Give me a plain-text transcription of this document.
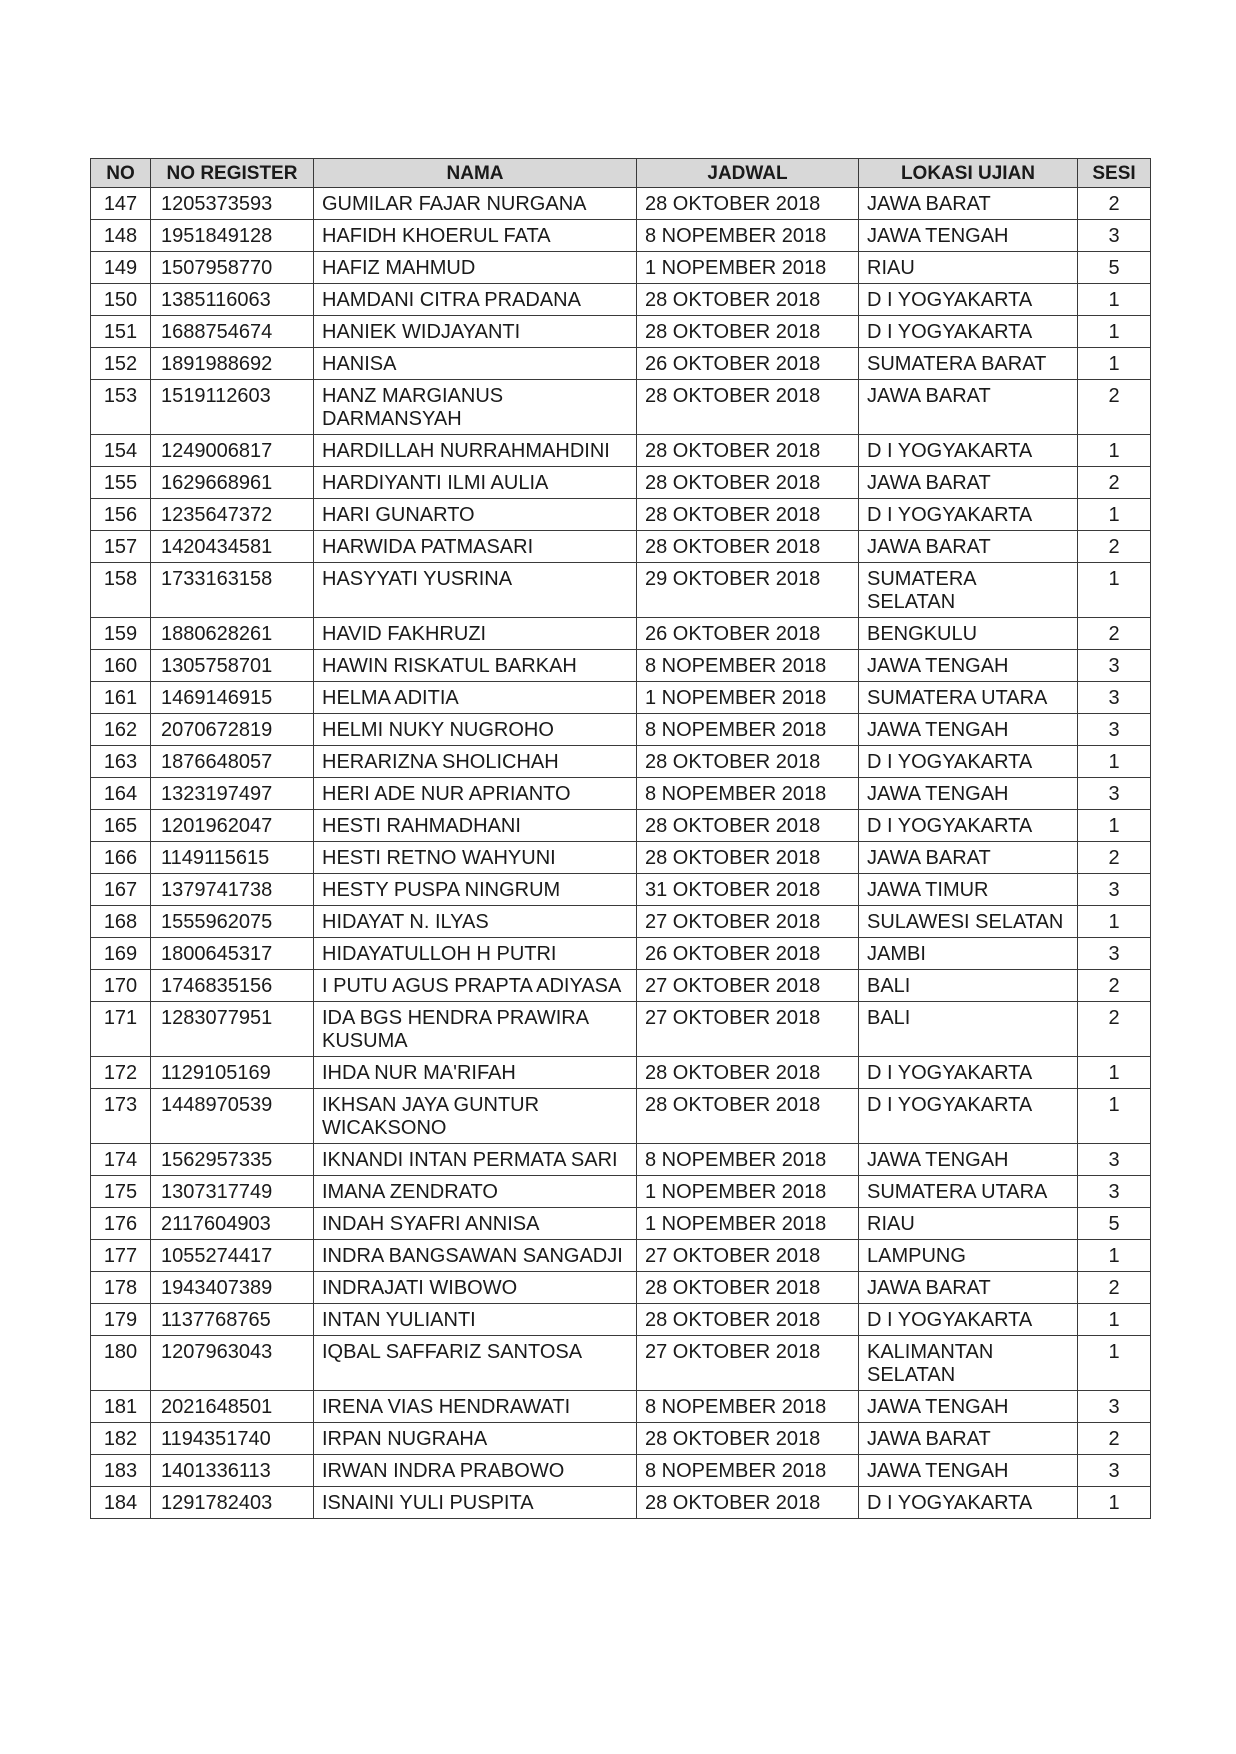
NO	NO REGISTER	NAMA	JADWAL	LOKASI UJIAN	SESI
147	1205373593	GUMILAR FAJAR NURGANA	28 OKTOBER 2018	JAWA BARAT	2
148	1951849128	HAFIDH KHOERUL FATA	8 NOPEMBER 2018	JAWA TENGAH	3
149	1507958770	HAFIZ MAHMUD	1 NOPEMBER 2018	RIAU	5
150	1385116063	HAMDANI CITRA PRADANA	28 OKTOBER 2018	D I YOGYAKARTA	1
151	1688754674	HANIEK WIDJAYANTI	28 OKTOBER 2018	D I YOGYAKARTA	1
152	1891988692	HANISA	26 OKTOBER 2018	SUMATERA BARAT	1
153	1519112603	HANZ MARGIANUS DARMANSYAH	28 OKTOBER 2018	JAWA BARAT	2
154	1249006817	HARDILLAH NURRAHMAHDINI	28 OKTOBER 2018	D I YOGYAKARTA	1
155	1629668961	HARDIYANTI ILMI AULIA	28 OKTOBER 2018	JAWA BARAT	2
156	1235647372	HARI GUNARTO	28 OKTOBER 2018	D I YOGYAKARTA	1
157	1420434581	HARWIDA PATMASARI	28 OKTOBER 2018	JAWA BARAT	2
158	1733163158	HASYYATI YUSRINA	29 OKTOBER 2018	SUMATERA SELATAN	1
159	1880628261	HAVID FAKHRUZI	26 OKTOBER 2018	BENGKULU	2
160	1305758701	HAWIN RISKATUL BARKAH	8 NOPEMBER 2018	JAWA TENGAH	3
161	1469146915	HELMA ADITIA	1 NOPEMBER 2018	SUMATERA UTARA	3
162	2070672819	HELMI NUKY NUGROHO	8 NOPEMBER 2018	JAWA TENGAH	3
163	1876648057	HERARIZNA SHOLICHAH	28 OKTOBER 2018	D I YOGYAKARTA	1
164	1323197497	HERI ADE NUR APRIANTO	8 NOPEMBER 2018	JAWA TENGAH	3
165	1201962047	HESTI RAHMADHANI	28 OKTOBER 2018	D I YOGYAKARTA	1
166	1149115615	HESTI RETNO WAHYUNI	28 OKTOBER 2018	JAWA BARAT	2
167	1379741738	HESTY PUSPA NINGRUM	31 OKTOBER 2018	JAWA TIMUR	3
168	1555962075	HIDAYAT N. ILYAS	27 OKTOBER 2018	SULAWESI SELATAN	1
169	1800645317	HIDAYATULLOH H PUTRI	26 OKTOBER 2018	JAMBI	3
170	1746835156	I PUTU AGUS PRAPTA ADIYASA	27 OKTOBER 2018	BALI	2
171	1283077951	IDA BGS HENDRA PRAWIRA KUSUMA	27 OKTOBER 2018	BALI	2
172	1129105169	IHDA NUR MA'RIFAH	28 OKTOBER 2018	D I YOGYAKARTA	1
173	1448970539	IKHSAN JAYA GUNTUR WICAKSONO	28 OKTOBER 2018	D I YOGYAKARTA	1
174	1562957335	IKNANDI INTAN PERMATA SARI	8 NOPEMBER 2018	JAWA TENGAH	3
175	1307317749	IMANA ZENDRATO	1 NOPEMBER 2018	SUMATERA UTARA	3
176	2117604903	INDAH SYAFRI ANNISA	1 NOPEMBER 2018	RIAU	5
177	1055274417	INDRA BANGSAWAN SANGADJI	27 OKTOBER 2018	LAMPUNG	1
178	1943407389	INDRAJATI WIBOWO	28 OKTOBER 2018	JAWA BARAT	2
179	1137768765	INTAN YULIANTI	28 OKTOBER 2018	D I YOGYAKARTA	1
180	1207963043	IQBAL SAFFARIZ SANTOSA	27 OKTOBER 2018	KALIMANTAN SELATAN	1
181	2021648501	IRENA VIAS HENDRAWATI	8 NOPEMBER 2018	JAWA TENGAH	3
182	1194351740	IRPAN NUGRAHA	28 OKTOBER 2018	JAWA BARAT	2
183	1401336113	IRWAN INDRA PRABOWO	8 NOPEMBER 2018	JAWA TENGAH	3
184	1291782403	ISNAINI YULI PUSPITA	28 OKTOBER 2018	D I YOGYAKARTA	1
